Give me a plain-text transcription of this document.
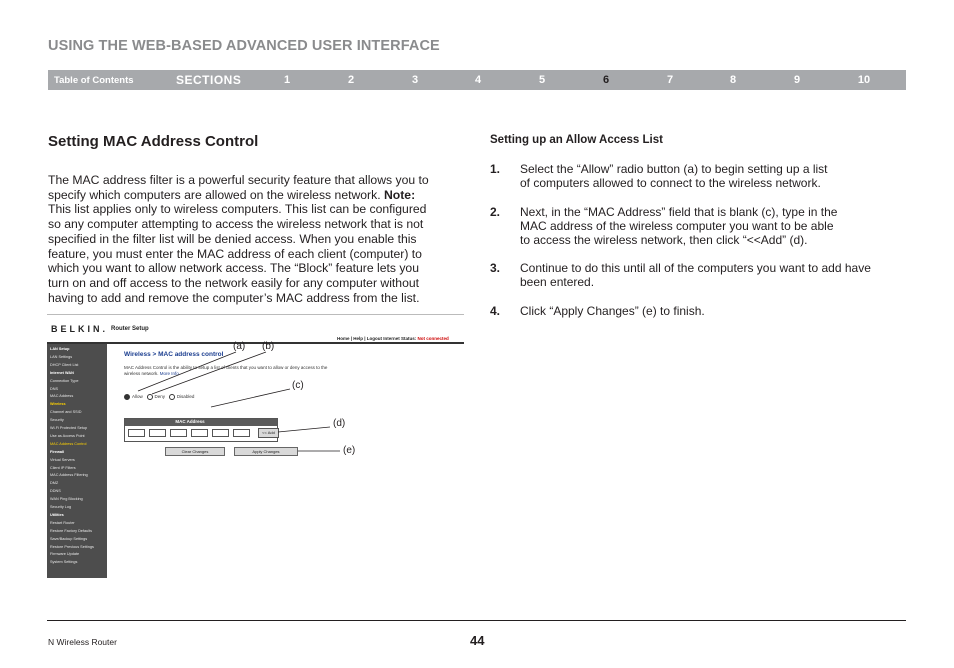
USING THE WEB-BASED ADVANCED USER INTERFACE
Table of Contents	SECTIONS	1	2	3	4	5	6	7	8	9	10
Setting MAC Address Control
The MAC address filter is a powerful security feature that allows you to
specify which computers are allowed on the wireless network. Note:
This list applies only to wireless computers. This list can be configured
so any computer attempting to access the wireless network that is not
specified in the filter list will be denied access. When you enable this
feature, you must enter the MAC address of each client (computer) to
which you want to allow network access. The “Block” feature lets you
turn on and off access to the network easily for any computer without
having to add and remove the computer’s MAC address from the list.
Setting up an Allow Access List
1. Select the “Allow” radio button (a) to begin setting up a list
of computers allowed to connect to the wireless network.
2. Next, in the “MAC Address” field that is blank (c), type in the
MAC address of the wireless computer you want to be able
to access the wireless network, then click “<<Add” (d).
3. Continue to do this until all of the computers you want to add have
been entered.
4. Click “Apply Changes” (e) to finish.
BELKIN. Router Setup
Home | Help | Logout Internet Status: Not connected
LAN Setup
LAN Settings
DHCP Client List
Internet WAN
Connection Type
DNS
MAC Address
Wireless
Channel and SSID
Security
Wi-Fi Protected Setup
Use as Access Point
MAC Address Control
Firewall
Virtual Servers
Client IP Filters
MAC Address Filtering
DMZ
DDNS
WAN Ping Blocking
Security Log
Utilities
Restart Router
Restore Factory Defaults
Save/Backup Settings
Restore Previous Settings
Firmware Update
System Settings
Wireless > MAC address control
MAC Address Control is the ability to setup a list of clients that you want to allow or deny access to the
wireless network. More Info
Allow	Deny	Disabled
MAC Address
<< Add
Clear Changes	Apply Changes
(a) (b)
(c)
(d)
(e)
N Wireless Router	44
